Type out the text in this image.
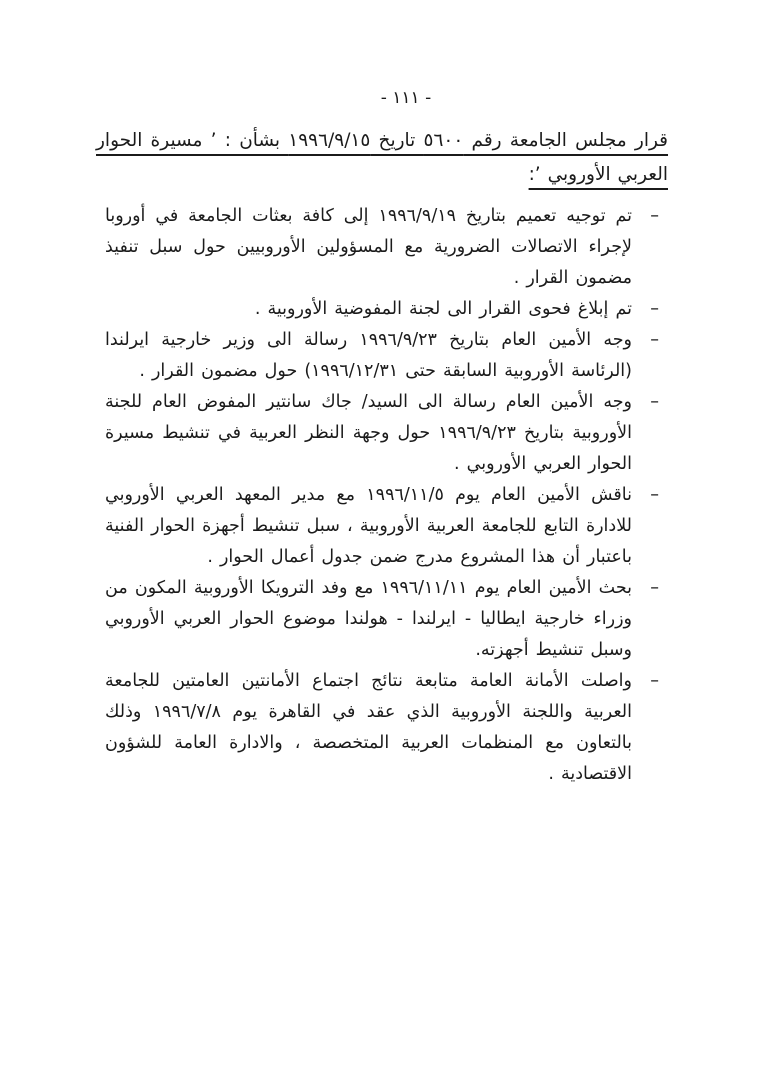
- ١١١ -
قرار مجلس الجامعة رقم ٥٦٠٠ تاريخ ١٩٩٦/٩/١٥ بشأن : ’ مسيرة الحوار
العربي الأوروبي ’:
–

تم توجيه تعميم بتاريخ ١٩٩٦/٩/١٩ إلى كافة بعثات الجامعة في أوروبا لإجراء الاتصالات الضرورية مع المسؤولين الأوروبيين حول سبل تنفيذ مضمون القرار .

–

تم إبلاغ فحوى القرار الى لجنة المفوضية الأوروبية .

–

وجه الأمين العام بتاريخ ١٩٩٦/٩/٢٣ رسالة الى وزير خارجية ايرلندا (الرئاسة الأوروبية السابقة حتى ١٩٩٦/١٢/٣١) حول مضمون القرار .

–

وجه الأمين العام رسالة الى السيد/ جاك سانتير المفوض العام للجنة الأوروبية بتاريخ ١٩٩٦/٩/٢٣ حول وجهة النظر العربية في تنشيط مسيرة الحوار العربي الأوروبي .

–

ناقش الأمين العام يوم ١٩٩٦/١١/٥ مع مدير المعهد العربي الأوروبي للادارة التابع للجامعة العربية الأوروبية ، سبل تنشيط أجهزة الحوار الفنية باعتبار أن هذا المشروع مدرج ضمن جدول أعمال الحوار .

–

بحث الأمين العام يوم ١٩٩٦/١١/١١ مع وفد الترويكا الأوروبية المكون من وزراء خارجية ايطاليا - ايرلندا - هولندا موضوع الحوار العربي الأوروبي وسبل تنشيط أجهزته.

–

واصلت الأمانة العامة متابعة نتائج اجتماع الأمانتين العامتين للجامعة العربية واللجنة الأوروبية الذي عقد في القاهرة يوم ١٩٩٦/٧/٨ وذلك بالتعاون مع المنظمات العربية المتخصصة ، والادارة العامة للشؤون الاقتصادية .
